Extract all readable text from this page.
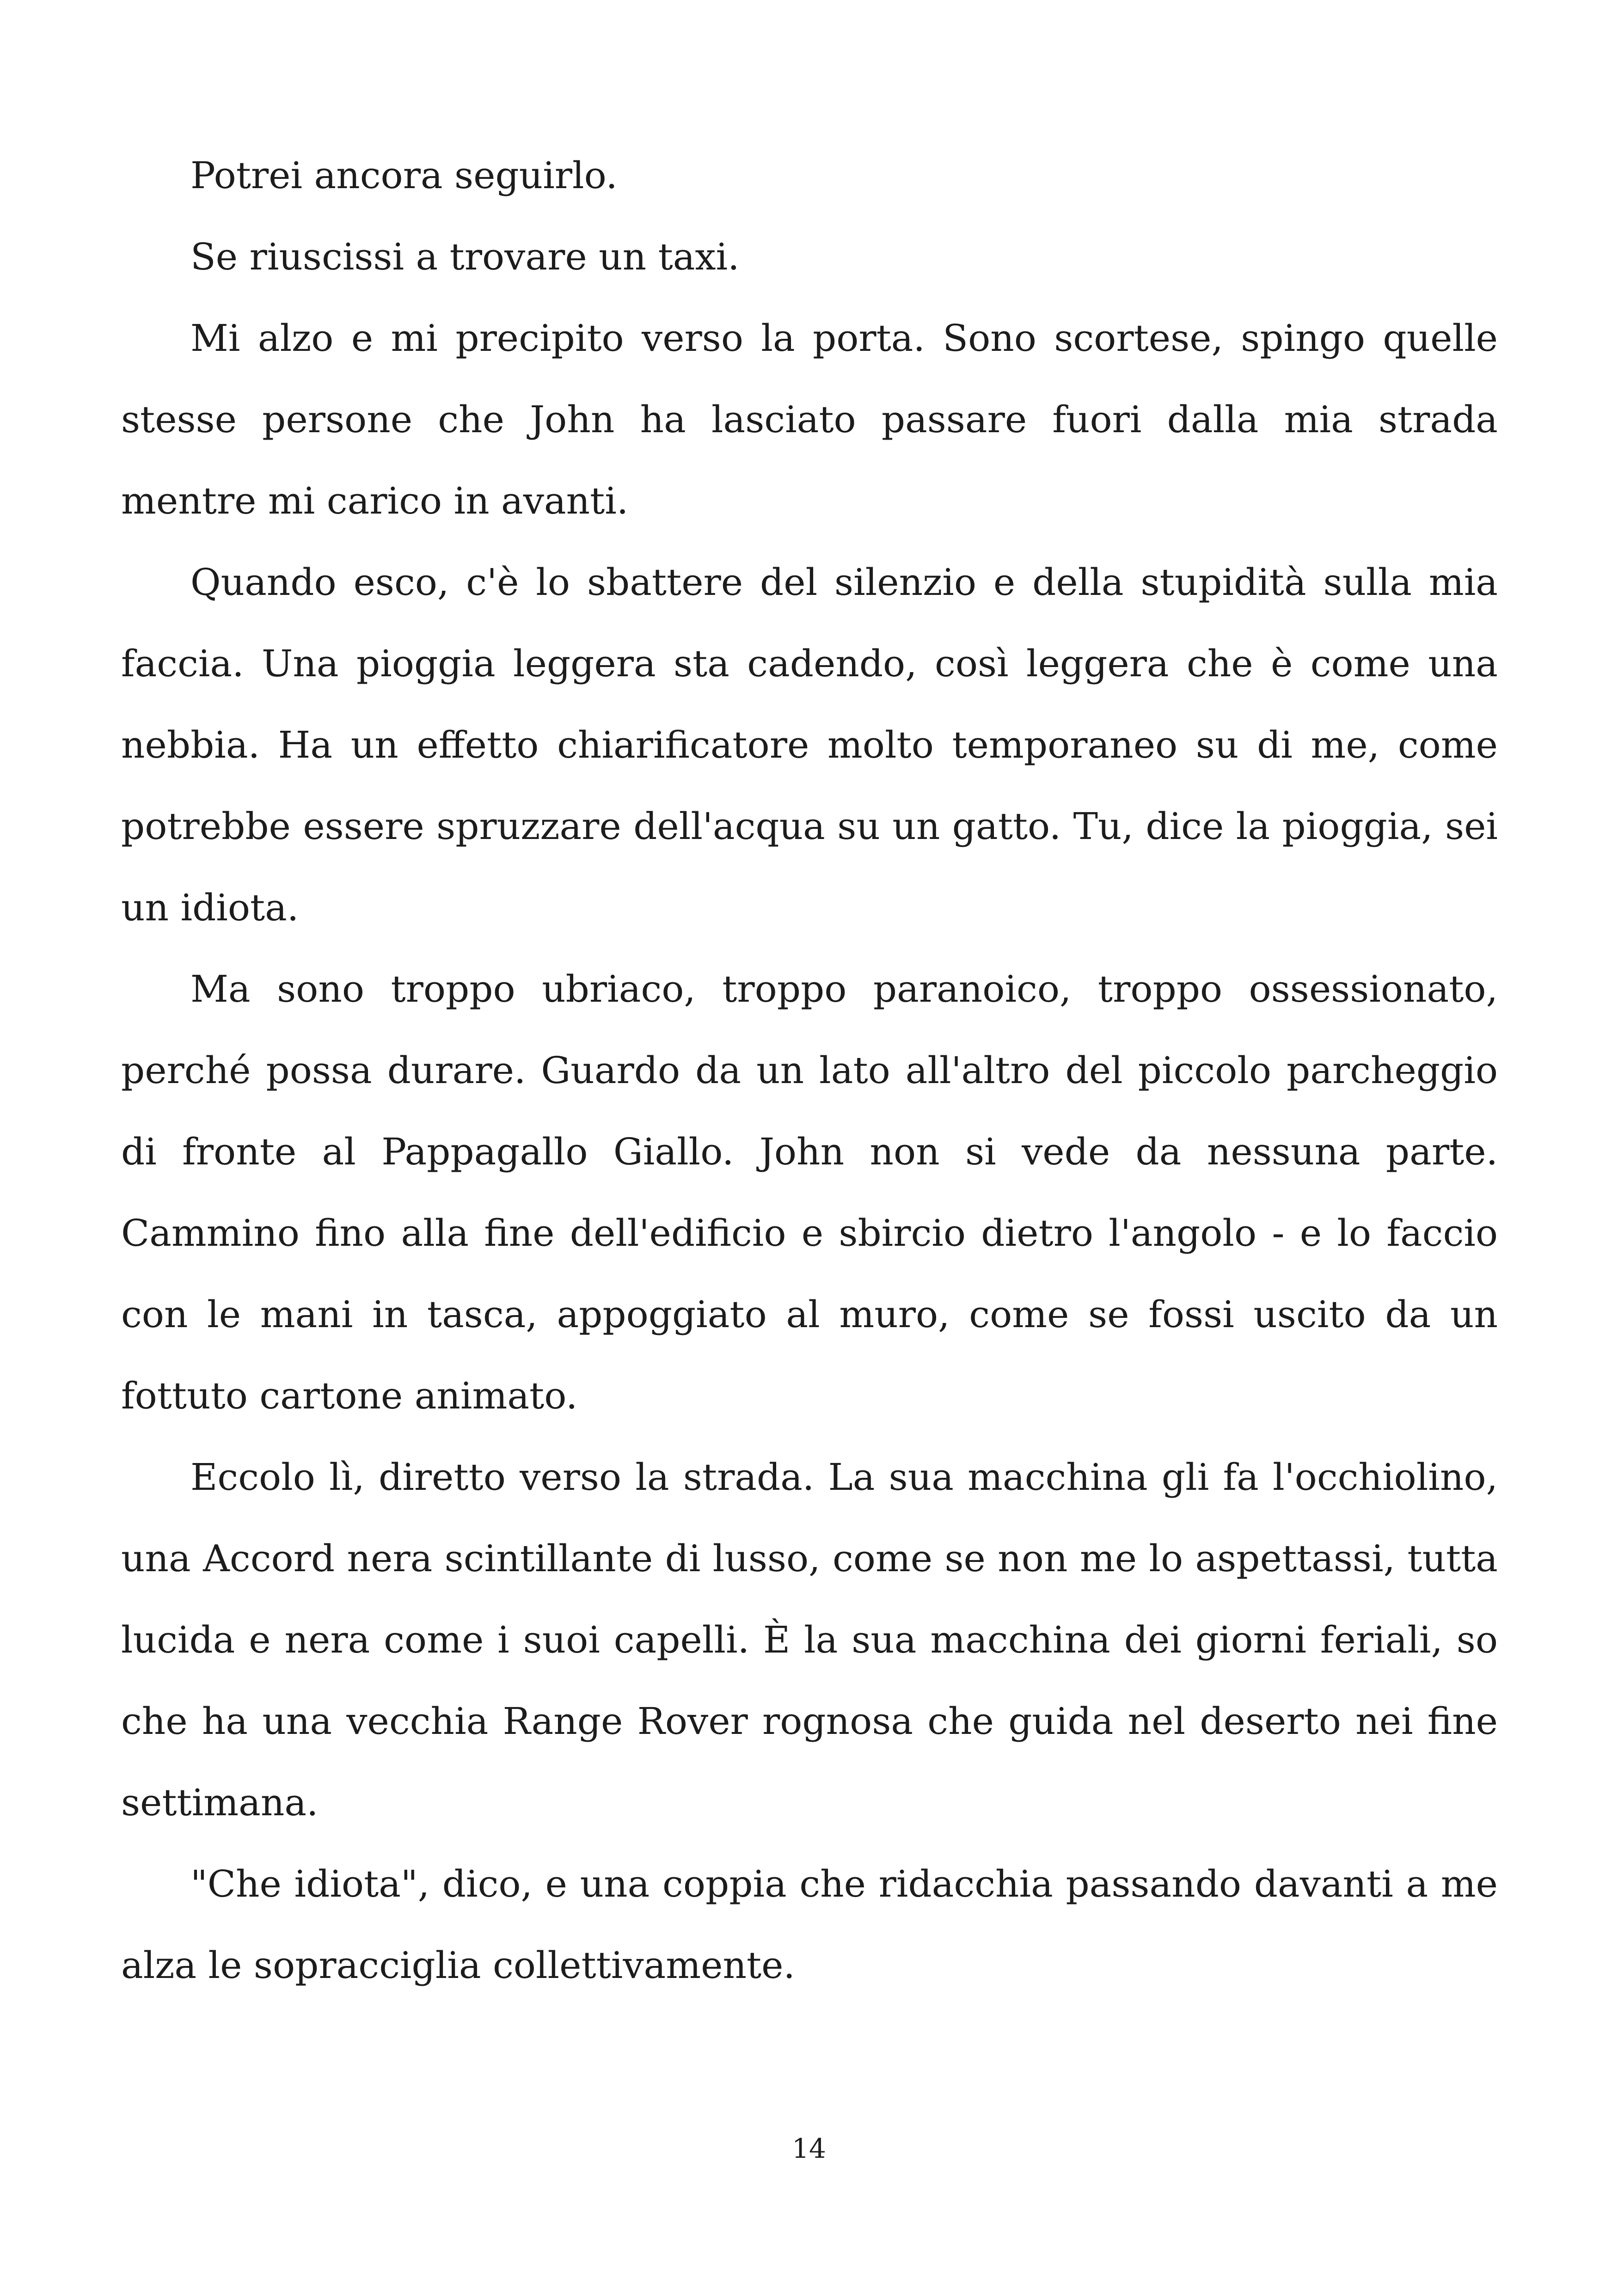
Potrei ancora seguirlo.

Se riuscissi a trovare un taxi.

Mi alzo e mi precipito verso la porta. Sono scortese, spingo quelle stesse persone che John ha lasciato passare fuori dalla mia strada mentre mi carico in avanti.

Quando esco, c'è lo sbattere del silenzio e della stupidità sulla mia faccia. Una pioggia leggera sta cadendo, così leggera che è come una nebbia. Ha un effetto chiarificatore molto temporaneo su di me, come potrebbe essere spruzzare dell'acqua su un gatto. Tu, dice la pioggia, sei un idiota.

Ma sono troppo ubriaco, troppo paranoico, troppo ossessionato, perché possa durare. Guardo da un lato all'altro del piccolo parcheggio di fronte al Pappagallo Giallo. John non si vede da nessuna parte. Cammino fino alla fine dell'edificio e sbircio dietro l'angolo - e lo faccio con le mani in tasca, appoggiato al muro, come se fossi uscito da un fottuto cartone animato.

Eccolo lì, diretto verso la strada. La sua macchina gli fa l'occhiolino, una Accord nera scintillante di lusso, come se non me lo aspettassi, tutta lucida e nera come i suoi capelli. È la sua macchina dei giorni feriali, so che ha una vecchia Range Rover rognosa che guida nel deserto nei fine settimana.

"Che idiota", dico, e una coppia che ridacchia passando davanti a me alza le sopracciglia collettivamente.

14
